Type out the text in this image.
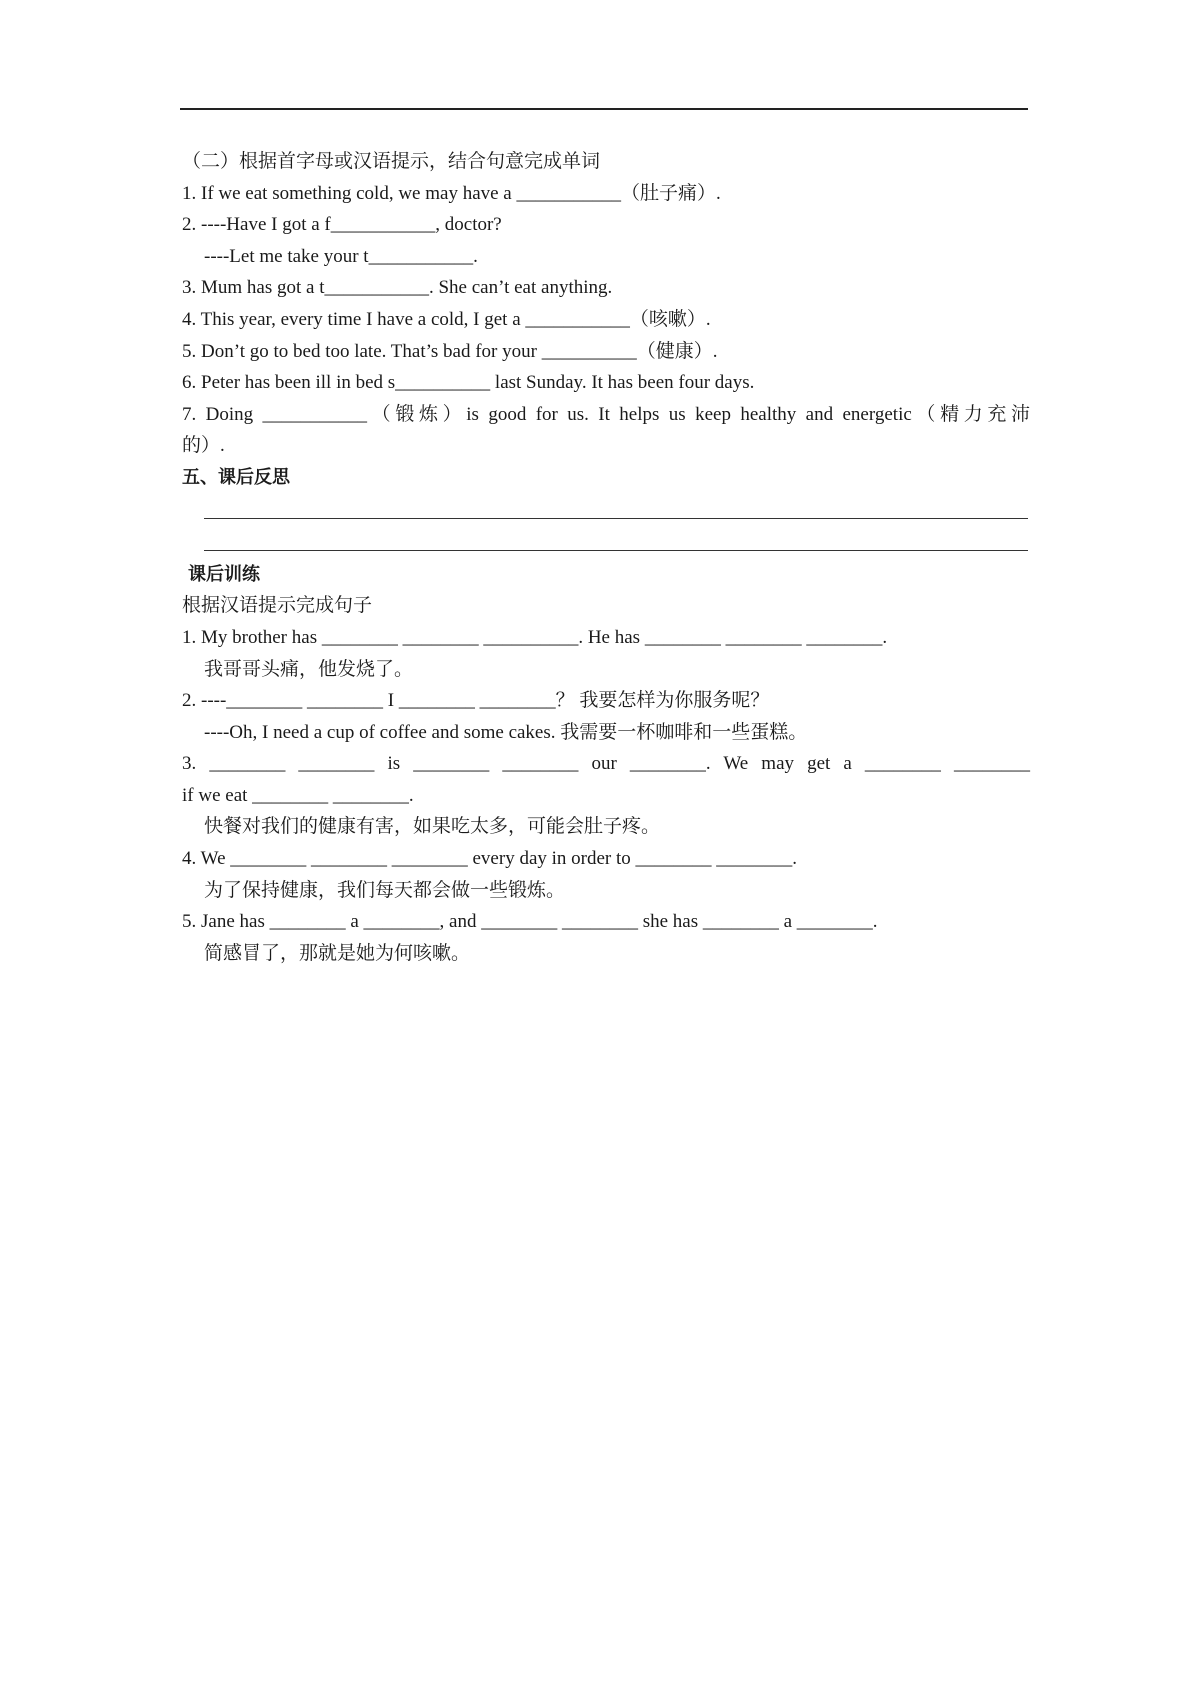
（二）根据首字母或汉语提示，结合句意完成单词
1. If we eat something cold, we may have a ___________（肚子痛）.
2. ----Have I got a f___________, doctor?
----Let me take your t___________.
3. Mum has got a t___________. She can’t eat anything.
4. This year, every time I have a cold, I get a ___________（咳嗽）.
5. Don’t go to bed too late. That’s bad for your __________（健康）.
6. Peter has been ill in bed s__________ last Sunday. It has been four days.
7. Doing ___________（锻炼）is good for us. It helps us keep healthy and energetic（精力充沛
的）.
五、课后反思
课后训练
根据汉语提示完成句子
1. My brother has ________ ________ __________. He has ________ ________ ________.
我哥哥头痛，他发烧了。
2. ----________ ________ I ________ ________？ 我要怎样为你服务呢？
----Oh, I need a cup of coffee and some cakes. 我需要一杯咖啡和一些蛋糕。
3. ________ ________ is ________ ________ our ________. We may get a ________ ________
if we eat ________ ________.
快餐对我们的健康有害，如果吃太多，可能会肚子疼。
4. We ________ ________ ________ every day in order to ________ ________.
为了保持健康，我们每天都会做一些锻炼。
5. Jane has ________ a ________, and ________ ________ she has ________ a ________.
简感冒了，那就是她为何咳嗽。
